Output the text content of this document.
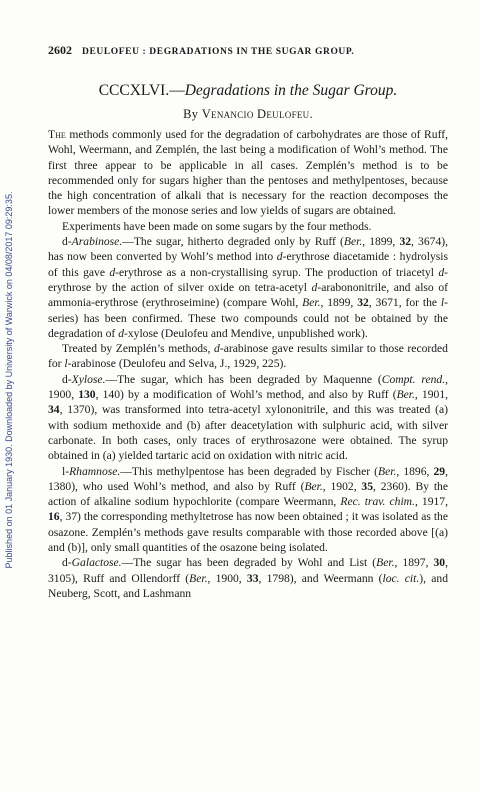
Published on 01 January 1930. Downloaded by University of Warwick on 04/08/2017 09:29:35.
2602 DEULOFEU : DEGRADATIONS IN THE SUGAR GROUP.
CCCXLVI.—Degradations in the Sugar Group.
By Venancio Deulofeu.

The methods commonly used for the degradation of carbohydrates are those of Ruff, Wohl, Weermann, and Zemplén, the last being a modification of Wohl’s method. The first three appear to be applicable in all cases. Zemplén’s method is to be recommended only for sugars higher than the pentoses and methylpentoses, because the high concentration of alkali that is necessary for the reaction decomposes the lower members of the monose series and low yields of sugars are obtained.

Experiments have been made on some sugars by the four methods.

d-Arabinose.—The sugar, hitherto degraded only by Ruff (Ber., 1899, 32, 3674), has now been converted by Wohl’s method into d-erythrose diacetamide : hydrolysis of this gave d-erythrose as a non-crystallising syrup. The production of triacetyl d-erythrose by the action of silver oxide on tetra-acetyl d-arabononitrile, and also of ammonia-erythrose (erythroseimine) (compare Wohl, Ber., 1899, 32, 3671, for the l-series) has been confirmed. These two compounds could not be obtained by the degradation of d-xylose (Deulofeu and Mendive, unpublished work).

Treated by Zemplén’s methods, d-arabinose gave results similar to those recorded for l-arabinose (Deulofeu and Selva, J., 1929, 225).

d-Xylose.—The sugar, which has been degraded by Maquenne (Compt. rend., 1900, 130, 140) by a modification of Wohl’s method, and also by Ruff (Ber., 1901, 34, 1370), was transformed into tetra-acetyl xylononitrile, and this was treated (a) with sodium methoxide and (b) after deacetylation with sulphuric acid, with silver carbonate. In both cases, only traces of erythrosazone were obtained. The syrup obtained in (a) yielded tartaric acid on oxidation with nitric acid.

l-Rhamnose.—This methylpentose has been degraded by Fischer (Ber., 1896, 29, 1380), who used Wohl’s method, and also by Ruff (Ber., 1902, 35, 2360). By the action of alkaline sodium hypochlorite (compare Weermann, Rec. trav. chim., 1917, 16, 37) the corresponding methyltetrose has now been obtained ; it was isolated as the osazone. Zemplén’s methods gave results comparable with those recorded above [(a) and (b)], only small quantities of the osazone being isolated.

d-Galactose.—The sugar has been degraded by Wohl and List (Ber., 1897, 30, 3105), Ruff and Ollendorff (Ber., 1900, 33, 1798), and Weermann (loc. cit.), and Neuberg, Scott, and Lashmann
